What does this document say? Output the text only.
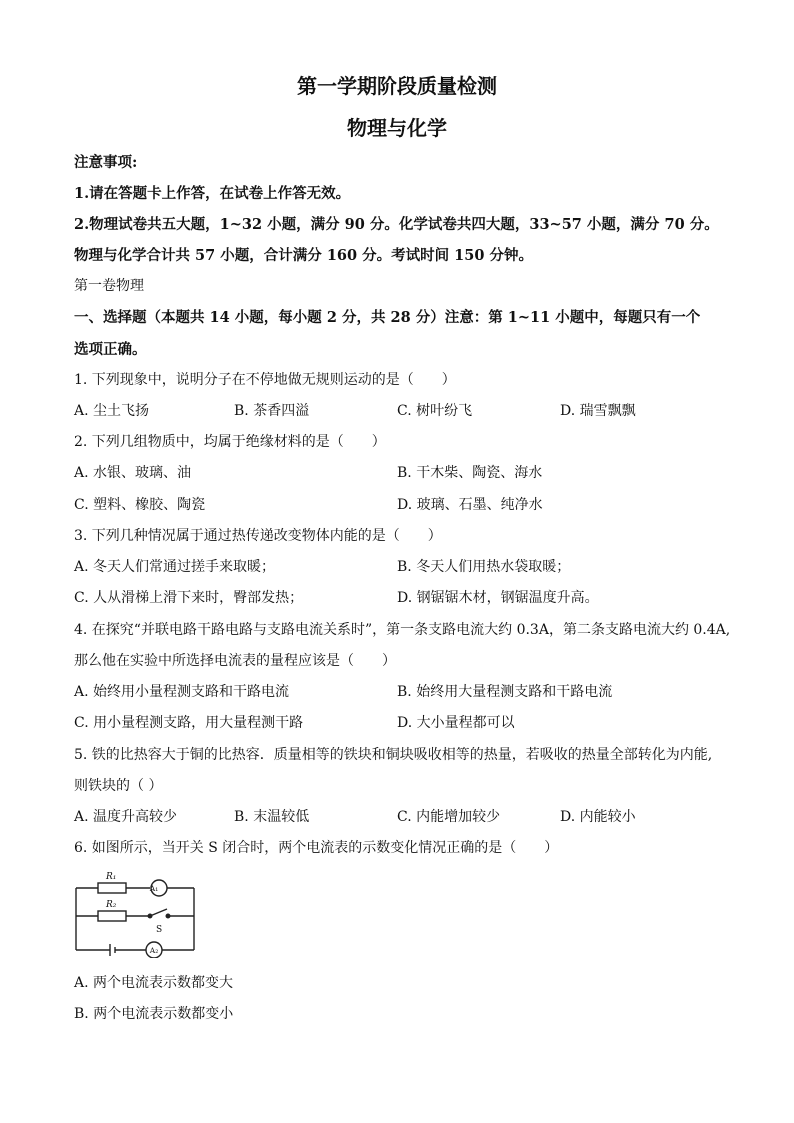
第一学期阶段质量检测
物理与化学
注意事项:
1.请在答题卡上作答，在试卷上作答无效。
2.物理试卷共五大题，1~32 小题，满分 90 分。化学试卷共四大题，33~57 小题，满分 70 分。
物理与化学合计共 57 小题，合计满分 160 分。考试时间 150 分钟。
第一卷物理
一、选择题（本题共 14 小题，每小题 2 分，共 28 分）注意：第 1~11 小题中，每题只有一个
选项正确。
1. 下列现象中，说明分子在不停地做无规则运动的是（　　）
A. 尘土飞扬	B. 茶香四溢	C. 树叶纷飞	D. 瑞雪飘飘
2. 下列几组物质中，均属于绝缘材料的是（　　）
A. 水银、玻璃、油	B. 干木柴、陶瓷、海水
C. 塑料、橡胶、陶瓷	D. 玻璃、石墨、纯净水
3. 下列几种情况属于通过热传递改变物体内能的是（　　）
A. 冬天人们常通过搓手来取暖；	B. 冬天人们用热水袋取暖；
C. 人从滑梯上滑下来时，臀部发热；	D. 钢锯锯木材，钢锯温度升高。
4. 在探究“并联电路干路电路与支路电流关系时”，第一条支路电流大约 0.3A，第二条支路电流大约 0.4A,
那么他在实验中所选择电流表的量程应该是（　　）
A. 始终用小量程测支路和干路电流	B. 始终用大量程测支路和干路电流
C. 用小量程测支路，用大量程测干路	D. 大小量程都可以
5. 铁的比热容大于铜的比热容．质量相等的铁块和铜块吸收相等的热量，若吸收的热量全部转化为内能,
则铁块的（ ）
A. 温度升高较少	B. 末温较低	C. 内能增加较少	D. 内能较小
6. 如图所示，当开关 S 闭合时，两个电流表的示数变化情况正确的是（　　）
R₁
R₂
S
A₁
A₂
A. 两个电流表示数都变大
B. 两个电流表示数都变小
